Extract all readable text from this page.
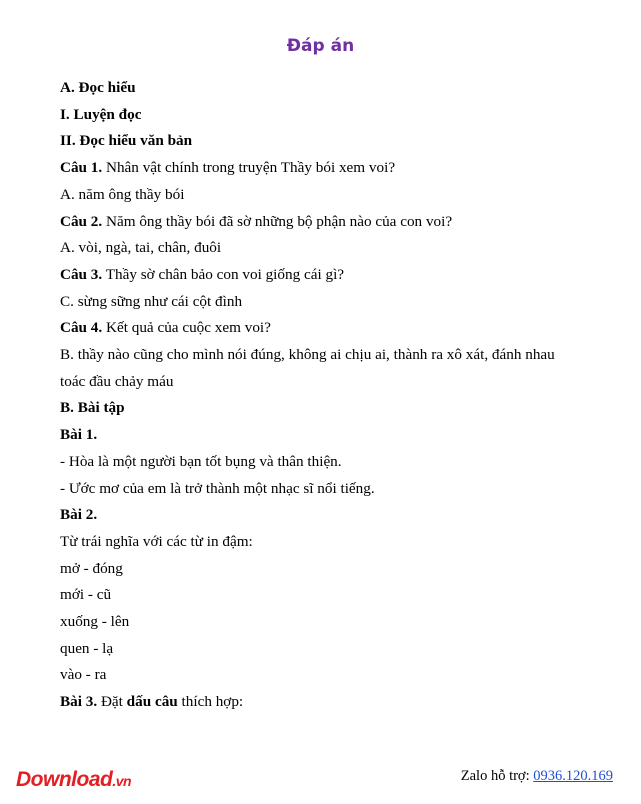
Đáp án

A. Đọc hiểu

I. Luyện đọc

II. Đọc hiểu văn bản

Câu 1. Nhân vật chính trong truyện Thầy bói xem voi?

A. năm ông thầy bói

Câu 2. Năm ông thầy bói đã sờ những bộ phận nào của con voi?

A. vòi, ngà, tai, chân, đuôi

Câu 3. Thầy sờ chân bảo con voi giống cái gì?

C. sừng sững như cái cột đình

Câu 4. Kết quả của cuộc xem voi?

B. thầy nào cũng cho mình nói đúng, không ai chịu ai, thành ra xô xát, đánh nhau

toác đầu chảy máu

B. Bài tập

Bài 1.

- Hòa là một người bạn tốt bụng và thân thiện.

- Ước mơ của em là trở thành một nhạc sĩ nổi tiếng.

Bài 2.

Từ trái nghĩa với các từ in đậm:

mở - đóng

mới - cũ

xuống - lên

quen - lạ

vào - ra

Bài 3. Đặt dấu câu thích hợp:

Download.vn	Zalo hỗ trợ: 0936.120.169
